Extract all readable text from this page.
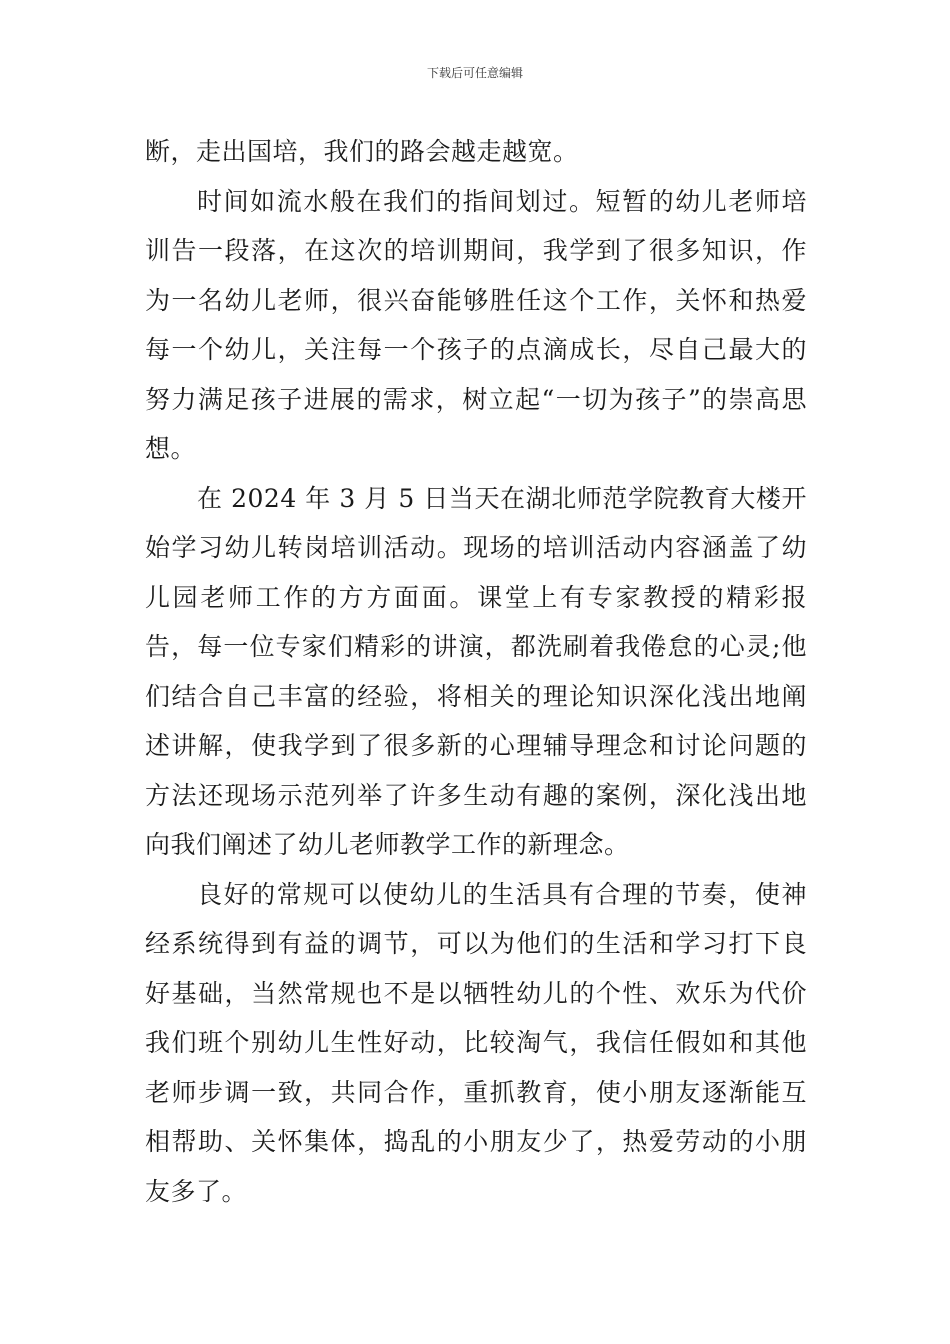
下载后可任意编辑

断，走出国培，我们的路会越走越宽。

时间如流水般在我们的指间划过。短暂的幼儿老师培训告一段落，在这次的培训期间，我学到了很多知识，作为一名幼儿老师，很兴奋能够胜任这个工作，关怀和热爱每一个幼儿，关注每一个孩子的点滴成长，尽自己最大的努力满足孩子进展的需求，树立起“一切为孩子”的崇高思想。

在 2024 年 3 月 5 日当天在湖北师范学院教育大楼开始学习幼儿转岗培训活动。现场的培训活动内容涵盖了幼儿园老师工作的方方面面。课堂上有专家教授的精彩报告，每一位专家们精彩的讲演，都洗刷着我倦怠的心灵;他们结合自己丰富的经验，将相关的理论知识深化浅出地阐述讲解，使我学到了很多新的心理辅导理念和讨论问题的方法还现场示范列举了许多生动有趣的案例，深化浅出地向我们阐述了幼儿老师教学工作的新理念。

良好的常规可以使幼儿的生活具有合理的节奏，使神经系统得到有益的调节，可以为他们的生活和学习打下良好基础，当然常规也不是以牺牲幼儿的个性、欢乐为代价我们班个别幼儿生性好动，比较淘气，我信任假如和其他老师步调一致，共同合作，重抓教育，使小朋友逐渐能互相帮助、关怀集体，捣乱的小朋友少了，热爱劳动的小朋友多了。
